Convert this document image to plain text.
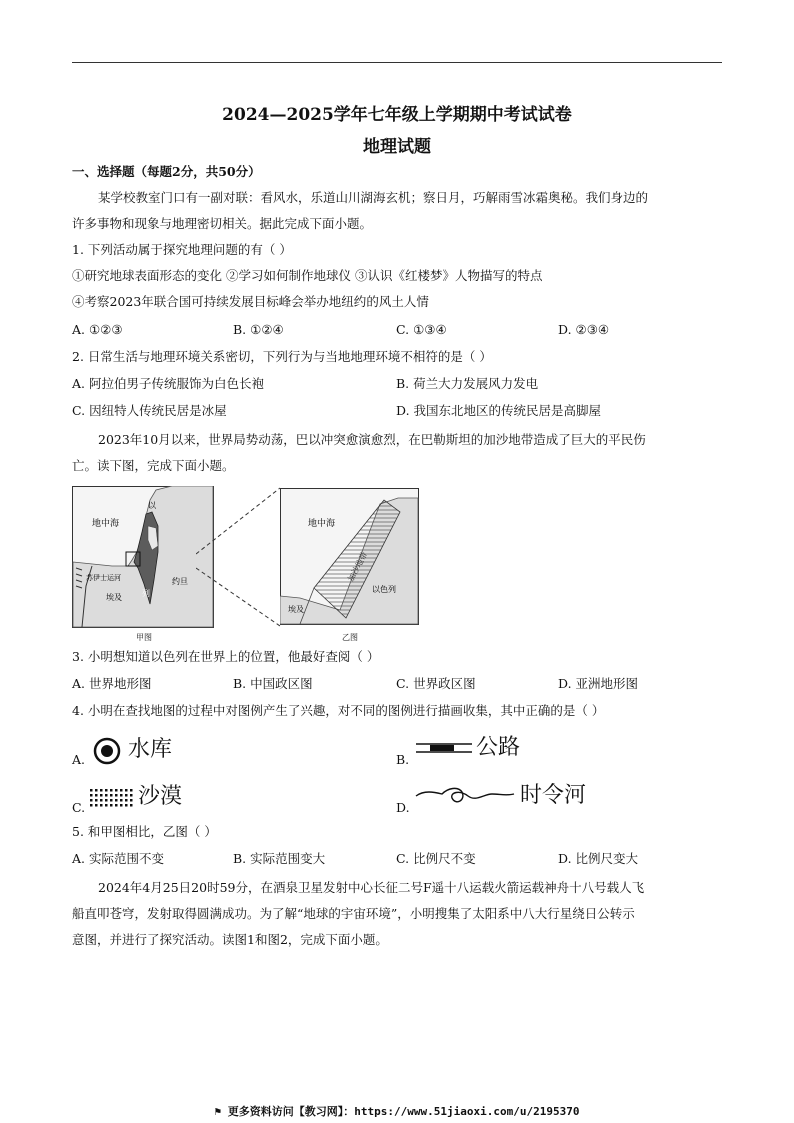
2024—2025学年七年级上学期期中考试试卷
地理试题
一、选择题（每题2分，共50分）
某学校教室门口有一副对联：看风水，乐道山川湖海玄机；察日月，巧解雨雪冰霜奥秘。我们身边的
许多事物和现象与地理密切相关。据此完成下面小题。
1. 下列活动属于探究地理问题的有（ ）
①研究地球表面形态的变化 ②学习如何制作地球仪 ③认识《红楼梦》人物描写的特点
④考察2023年联合国可持续发展目标峰会举办地纽约的风土人情
A. ①②③	B. ①②④	C. ①③④	D. ②③④
2. 日常生活与地理环境关系密切，下列行为与当地地理环境不相符的是（ ）
A. 阿拉伯男子传统服饰为白色长袍	B. 荷兰大力发展风力发电
C. 因纽特人传统民居是冰屋	D. 我国东北地区的传统民居是高脚屋
2023年10月以来，世界局势动荡，巴以冲突愈演愈烈，在巴勒斯坦的加沙地带造成了巨大的平民伤
亡。读下图，完成下面小题。
地中海
以
列
约旦
埃及
苏伊士运河
甲图
地中海
加沙地带
埃及
以色列
乙图
3. 小明想知道以色列在世界上的位置，他最好查阅（ ）
A. 世界地形图	B. 中国政区图	C. 世界政区图	D. 亚洲地形图
4. 小明在查找地图的过程中对图例产生了兴趣，对不同的图例进行描画收集，其中正确的是（ ）
A. 水库	B.	公路
C. 沙漠	D.	时令河
5. 和甲图相比，乙图（ ）
A. 实际范围不变	B. 实际范围变大	C. 比例尺不变	D. 比例尺变大
2024年4月25日20时59分，在酒泉卫星发射中心长征二号F遥十八运载火箭运载神舟十八号载人飞
船直叩苍穹，发射取得圆满成功。为了解“地球的宇宙环境”，小明搜集了太阳系中八大行星绕日公转示
意图，并进行了探究活动。读图1和图2，完成下面小题。
⚑ 更多资料访问【教习网】：https://www.51jiaoxi.com/u/2195370
